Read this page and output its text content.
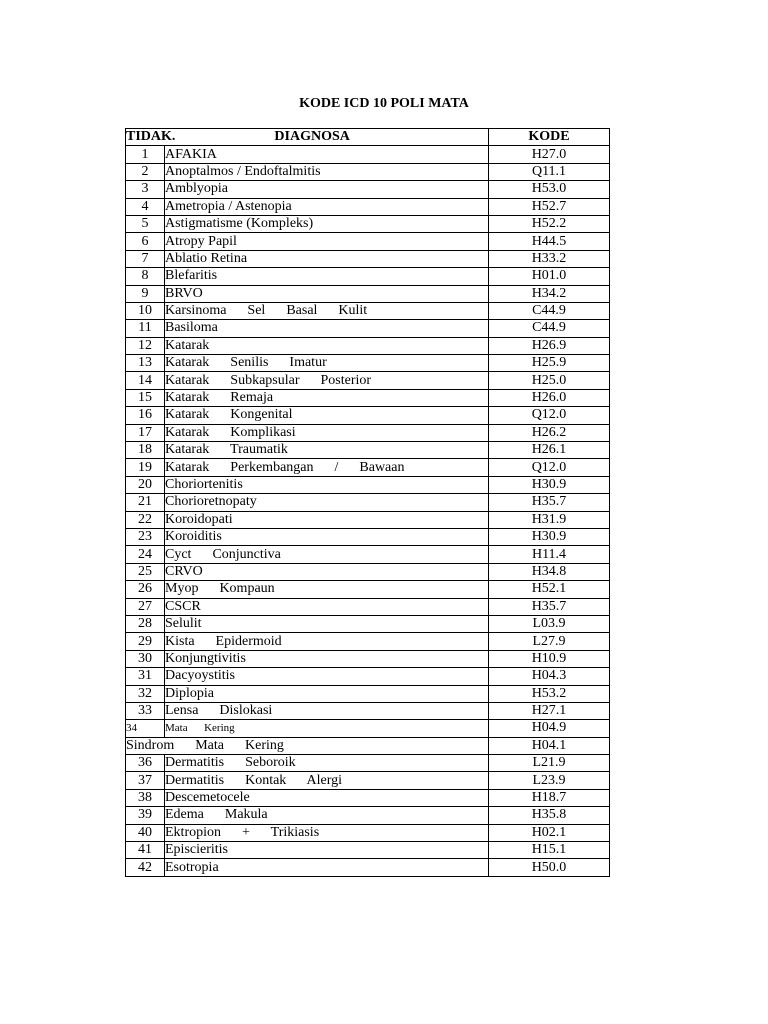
KODE ICD 10 POLI MATA
TIDAK. DIAGNOSA		KODE
1	AFAKIA	H27.0
2	Anoptalmos / Endoftalmitis	Q11.1
3	Amblyopia	H53.0
4	Ametropia / Astenopia	H52.7
5	Astigmatisme (Kompleks)	H52.2
6	Atropy Papil	H44.5
7	Ablatio Retina	H33.2
8	Blefaritis	H01.0
9	BRVO	H34.2
10	Karsinoma      Sel      Basal      Kulit	C44.9
11	Basiloma	C44.9
12	Katarak	H26.9
13	Katarak      Senilis      Imatur	H25.9
14	Katarak      Subkapsular      Posterior	H25.0
15	Katarak      Remaja	H26.0
16	Katarak      Kongenital	Q12.0
17	Katarak      Komplikasi	H26.2
18	Katarak      Traumatik	H26.1
19	Katarak      Perkembangan      /      Bawaan	Q12.0
20	Choriortenitis	H30.9
21	Chorioretnopaty	H35.7
22	Koroidopati	H31.9
23	Koroiditis	H30.9
24	Cyct      Conjunctiva	H11.4
25	CRVO	H34.8
26	Myop      Kompaun	H52.1
27	CSCR	H35.7
28	Selulit	L03.9
29	Kista      Epidermoid	L27.9
30	Konjungtivitis	H10.9
31	Dacyoystitis	H04.3
32	Diplopia	H53.2
33	Lensa      Dislokasi	H27.1
34	Mata      Kering	H04.9
Sindrom      Mata      Kering		H04.1
36	Dermatitis      Seboroik	L21.9
37	Dermatitis      Kontak      Alergi	L23.9
38	Descemetocele	H18.7
39	Edema      Makula	H35.8
40	Ektropion      +      Trikiasis	H02.1
41	Episcieritis	H15.1
42	Esotropia	H50.0
